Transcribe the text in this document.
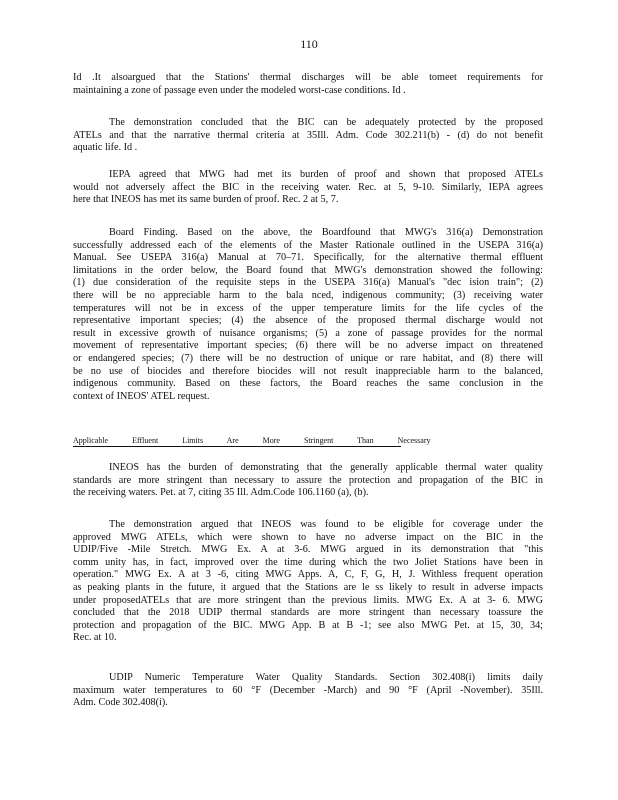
110
Id .It alsoargued that the Stations' thermal discharges will be able tomeet requirements for
maintaining a zone of passage even under the modeled worst-case conditions. Id .
The demonstration concluded that the BIC can be adequately protected by the proposed
ATELs and that the narrative thermal criteria at 35Ill. Adm. Code 302.211(b) - (d) do not benefit
aquatic life. Id .
IEPA agreed that MWG had met its burden of proof and shown that proposed ATELs
would not adversely affect the BIC in the receiving water. Rec. at 5, 9-10. Similarly, IEPA agrees
here that INEOS has met its same burden of proof. Rec. 2 at 5, 7.
Board Finding. Based on the above, the Boardfound that MWG's 316(a) Demonstration
successfully addressed each of the elements of the Master Rationale outlined in the USEPA 316(a)
Manual. See USEPA 316(a) Manual at 70–71. Specifically, for the alternative thermal effluent
limitations in the order below, the Board found that MWG's demonstration showed the following:
(1) due consideration of the requisite steps in the USEPA 316(a) Manual's "dec ision train"; (2)
there will be no appreciable harm to the bala nced, indigenous community; (3) receiving water
temperatures will not be in excess of the upper temperature limits for the life cycles of the
representative important species; (4) the absence of the proposed thermal discharge would not
result in excessive growth of nuisance organisms; (5) a zone of passage provides for the normal
movement of representative important species; (6) there will be no adverse impact on threatened
or endangered species; (7) there will be no destruction of unique or rare habitat, and (8) there will
be no use of biocides and therefore biocides will not result inappreciable harm to the balanced,
indigenous community. Based on these factors, the Board reaches the same conclusion in the
context of INEOS' ATEL request.
Applicable	Effluent	Limits	Are	More	Stringent	Than	Necessary
INEOS has the burden of demonstrating that the generally applicable thermal water quality
standards are more stringent than necessary to assure the protection and propagation of the BIC in
the receiving waters. Pet. at 7, citing 35 Ill. Adm.Code 106.1160 (a), (b).
The demonstration argued that INEOS was found to be eligible for coverage under the
approved MWG ATELs, which were shown to have no adverse impact on the BIC in the
UDIP/Five -Mile Stretch. MWG Ex. A at 3-6. MWG argued in its demonstration that "this
comm unity has, in fact, improved over the time during which the two Joliet Stations have been in
operation." MWG Ex. A at 3 -6, citing MWG Apps. A, C, F, G, H, J. Withless frequent operation
as peaking plants in the future, it argued that the Stations are le ss likely to result in adverse impacts
under proposedATELs that are more stringent than the previous limits. MWG Ex. A at 3- 6. MWG
concluded that the 2018 UDIP thermal standards are more stringent than necessary toassure the
protection and propagation of the BIC. MWG App. B at B -1; see also MWG Pet. at 15, 30, 34;
Rec. at 10.
UDIP Numeric Temperature Water Quality Standards. Section 302.408(i) limits daily
maximum water temperatures to 60 °F (December -March) and 90 °F (April -November). 35Ill.
Adm. Code 302.408(i).
